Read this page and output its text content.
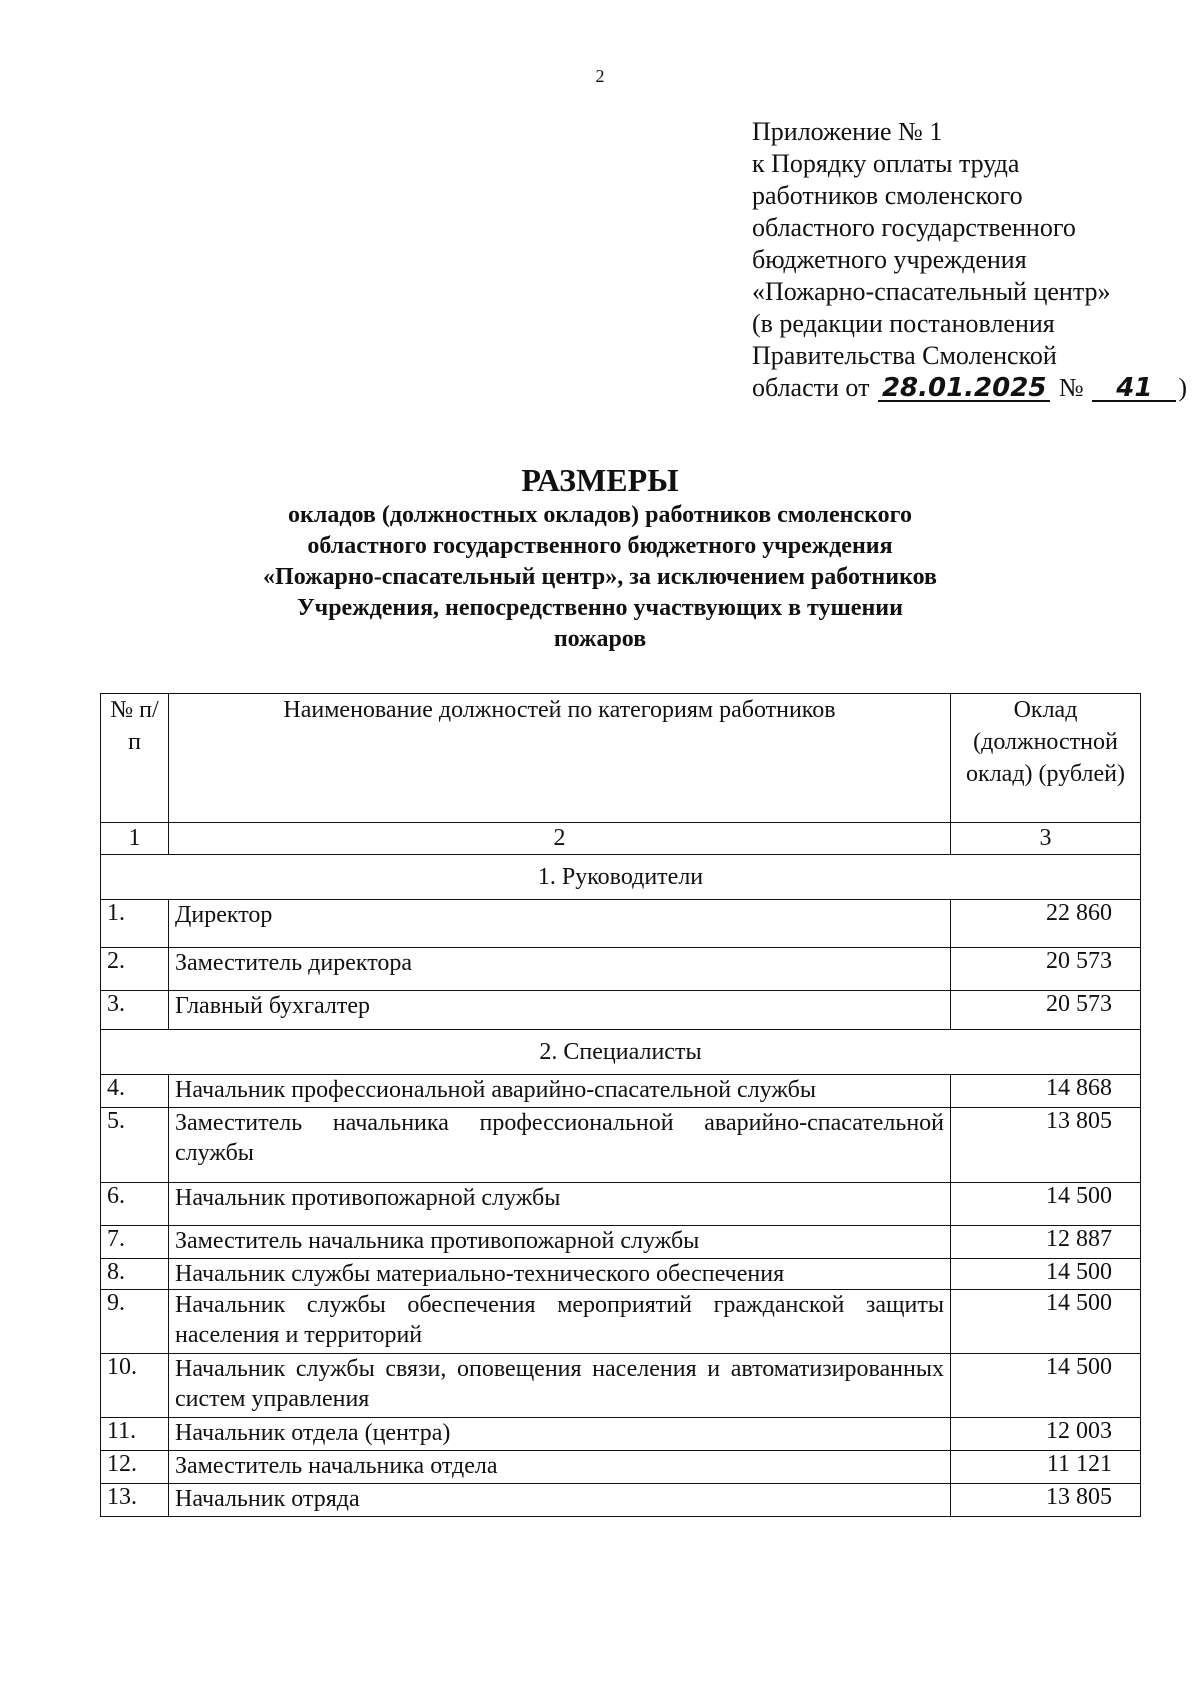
2
Приложение № 1
к Порядку оплаты труда
работников смоленского
областного государственного
бюджетного учреждения
«Пожарно-спасательный центр»
(в редакции постановления
Правительства Смоленской
области от 28.01.2025 № 41 )
РАЗМЕРЫ
окладов (должностных окладов) работников смоленского областного государственного бюджетного учреждения «Пожарно-спасательный центр», за исключением работников Учреждения, непосредственно участвующих в тушении пожаров
№ п/п	Наименование должностей по категориям работников	Оклад (должностной оклад) (рублей)
1	2	3
1. Руководители		
1.	Директор	22 860
2.	Заместитель директора	20 573
3.	Главный бухгалтер	20 573
2. Специалисты		
4.	Начальник профессиональной аварийно-спасательной службы	14 868
5.	Заместитель начальника профессиональной аварийно-спасательной службы	13 805
6.	Начальник противопожарной службы	14 500
7.	Заместитель начальника противопожарной службы	12 887
8.	Начальник службы материально-технического обеспечения	14 500
9.	Начальник службы обеспечения мероприятий гражданской защиты населения и территорий	14 500
10.	Начальник службы связи, оповещения населения и автоматизированных систем управления	14 500
11.	Начальник отдела (центра)	12 003
12.	Заместитель начальника отдела	11 121
13.	Начальник отряда	13 805
